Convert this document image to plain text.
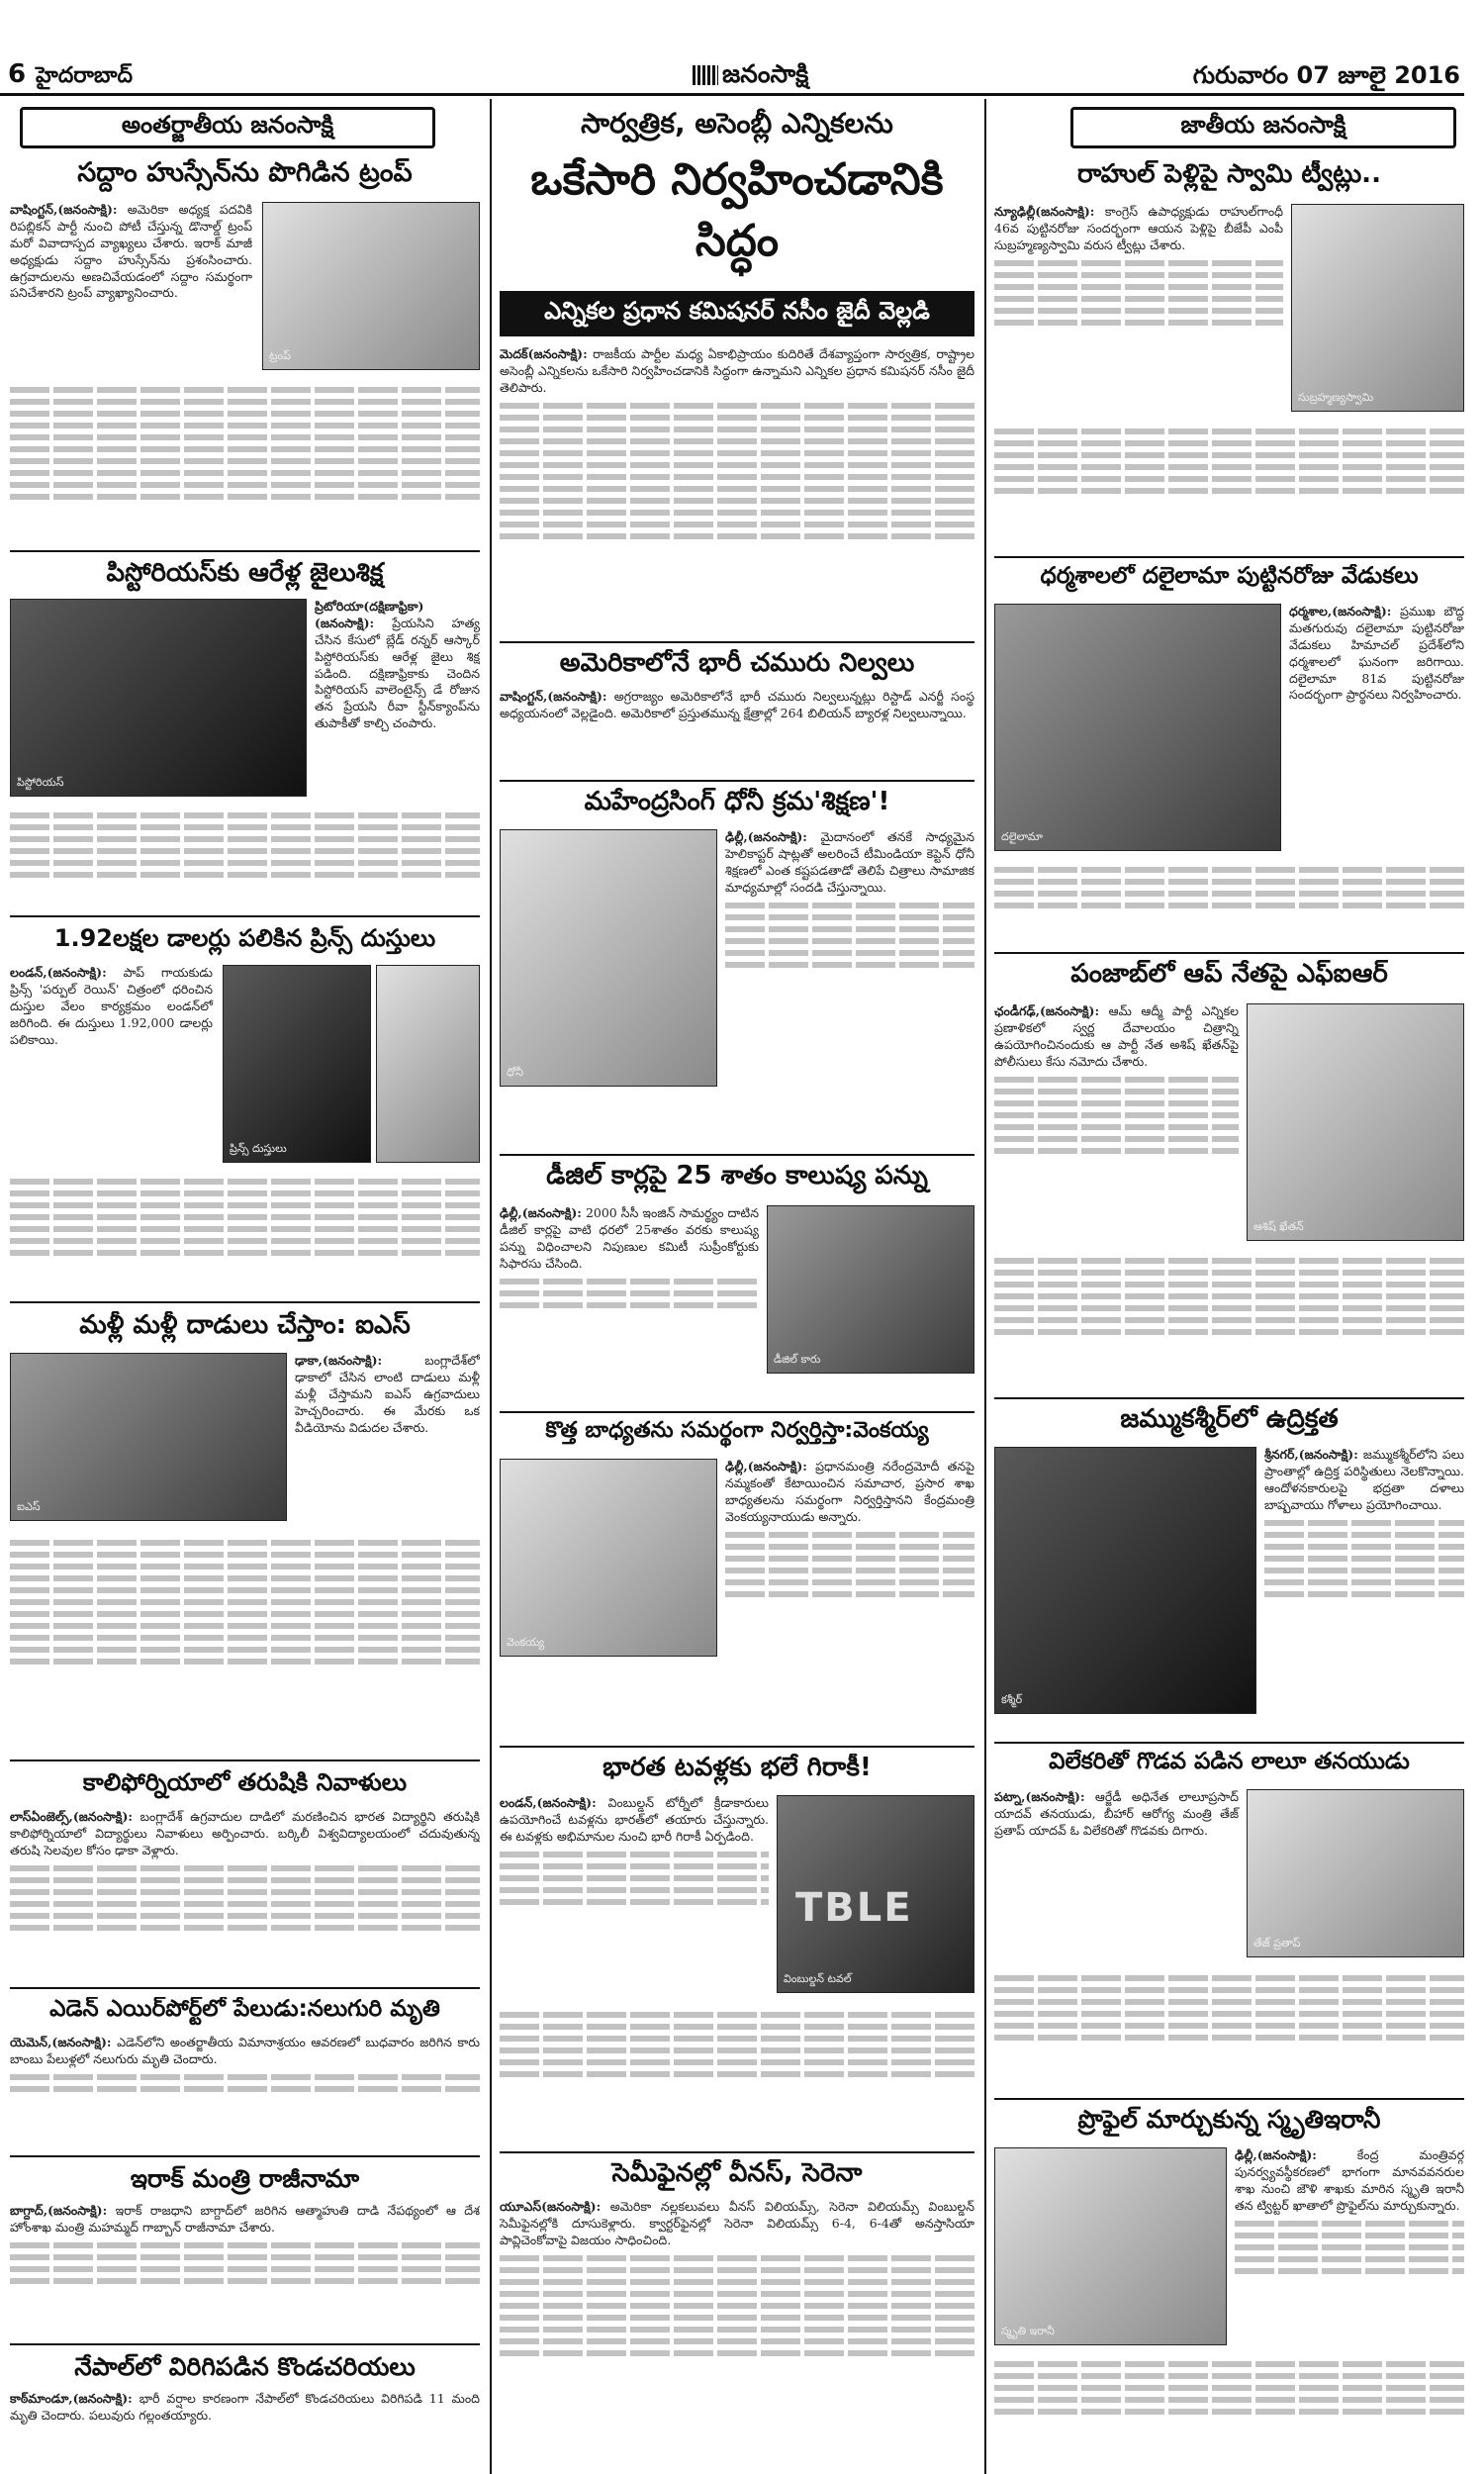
6 హైదరాబాద్	జనంసాక్షి	గురువారం 07 జూలై 2016
అంతర్జాతీయ జనంసాక్షి	జాతీయ జనంసాక్షి
సద్దాం హుస్సేన్‌ను పొగిడిన ట్రంప్
ట్రంప్‌
వాషింగ్టన్‌,(జనంసాక్షి): అమెరికా అధ్యక్ష పదవికి రిపబ్లికన్‌ పార్టీ నుంచి పోటీ చేస్తున్న డొనాల్డ్‌ ట్రంప్‌ మరో వివాదాస్పద వ్యాఖ్యలు చేశారు. ఇరాక్‌ మాజీ అధ్యక్షుడు సద్దాం హుస్సేన్‌ను ప్రశంసించారు. ఉగ్రవాదులను అణచివేయడంలో సద్దాం సమర్థంగా పనిచేశారని ట్రంప్‌ వ్యాఖ్యానించారు.
పిస్టోరియస్‌కు ఆరేళ్ల జైలుశిక్ష
పిస్టోరియస్‌
ప్రిటోరియా(దక్షిణాఫ్రికా) (జనంసాక్షి): ప్రేయసిని హత్య చేసిన కేసులో బ్లేడ్‌ రన్నర్‌ ఆస్కార్‌ పిస్టోరియస్‌కు ఆరేళ్ల జైలు శిక్ష పడింది. దక్షిణాఫ్రికాకు చెందిన పిస్టోరియస్‌ వాలెంటైన్స్‌ డే రోజున తన ప్రేయసి రీవా స్టీన్‌క్యాంప్‌ను తుపాకీతో కాల్చి చంపారు.
1.92లక్షల డాలర్లు పలికిన ప్రిన్స్‌ దుస్తులు
ప్రిన్స్‌ దుస్తులు
లండన్‌,(జనంసాక్షి): పాప్‌ గాయకుడు ప్రిన్స్‌ 'పర్పుల్‌ రెయిన్‌' చిత్రంలో ధరించిన దుస్తుల వేలం కార్యక్రమం లండన్‌లో జరిగింది. ఈ దుస్తులు 1.92,000 డాలర్లు పలికాయి.
మళ్లీ మళ్లీ దాడులు చేస్తాం: ఐఎస్‌
ఐఎస్‌
ఢాకా,(జనంసాక్షి):	బంగ్లాదేశ్‌లో ఢాకాలో చేసిన లాంటి దాడులు మళ్లీ మళ్లీ చేస్తామని ఐఎస్‌ ఉగ్రవాదులు హెచ్చరించారు. ఈ మేరకు ఒక వీడియోను విడుదల చేశారు.
కాలిఫోర్నియాలో తరుషికి నివాళులు
లాస్‌ఏంజెల్స్‌,(జనంసాక్షి): బంగ్లాదేశ్‌ ఉగ్రవాదుల దాడిలో మరణించిన భారత విద్యార్థిని తరుషికి కాలిఫోర్నియాలో విద్యార్థులు నివాళులు అర్పించారు. బర్కిలీ విశ్వవిద్యాలయంలో చదువుతున్న తరుషి సెలవుల కోసం ఢాకా వెళ్లారు.
ఎడెన్‌ ఎయిర్‌పోర్ట్‌లో పేలుడు:నలుగురి మృతి
యెమెన్‌,(జనంసాక్షి): ఎడెన్‌లోని అంతర్జాతీయ విమానాశ్రయం ఆవరణలో బుధవారం జరిగిన కారు బాంబు పేలుళ్లలో నలుగురు మృతి చెందారు.
ఇరాక్‌ మంత్రి రాజీనామా
బాగ్దాద్‌,(జనంసాక్షి): ఇరాక్‌ రాజధాని బాగ్దాద్‌లో జరిగిన ఆత్మాహుతి దాడి నేపథ్యంలో ఆ దేశ హోంశాఖ మంత్రి మహమ్మద్‌ గాబ్బాన్‌ రాజీనామా చేశారు.
నేపాల్‌లో విరిగిపడిన కొండచరియలు
కాఠ్‌మాండూ,(జనంసాక్షి): భారీ వర్షాల కారణంగా నేపాల్‌లో కొండచరియలు విరిగిపడి 11 మంది మృతి చెందారు. పలువురు గల్లంతయ్యారు.
సార్వత్రిక, అసెంబ్లీ ఎన్నికలను
ఒకేసారి నిర్వహించడానికి సిద్ధం
ఎన్నికల ప్రధాన కమిషనర్‌ నసీం జైదీ వెల్లడి
మెదక్‌(జనంసాక్షి): రాజకీయ పార్టీల మధ్య ఏకాభిప్రాయం కుదిరితే దేశవ్యాప్తంగా సార్వత్రిక, రాష్ట్రాల అసెంబ్లీ ఎన్నికలను ఒకేసారి నిర్వహించడానికి సిద్ధంగా ఉన్నామని ఎన్నికల ప్రధాన కమిషనర్‌ నసీం జైదీ తెలిపారు.
అమెరికాలోనే భారీ చమురు నిల్వలు
వాషింగ్టన్‌,(జనంసాక్షి): అగ్రరాజ్యం అమెరికాలోనే భారీ చమురు నిల్వలున్నట్లు రిస్టాడ్‌ ఎనర్జీ సంస్థ అధ్యయనంలో వెల్లడైంది. అమెరికాలో ప్రస్తుతమున్న క్షేత్రాల్లో 264 బిలియన్‌ బ్యారళ్ల నిల్వలున్నాయి.
మహేంద్రసింగ్‌ ధోనీ క్రమ'శిక్షణ'!
ధోనీ
ఢిల్లీ,(జనంసాక్షి): మైదానంలో తనకే సాధ్యమైన హెలికాప్టర్‌ షాట్లతో అలరించే టీమిండియా కెప్టెన్‌ ధోనీ శిక్షణలో ఎంత కష్టపడతాడో తెలిపే చిత్రాలు సామాజిక మాధ్యమాల్లో సందడి చేస్తున్నాయి.
డీజిల్‌ కార్లపై 25 శాతం కాలుష్య పన్ను
డీజిల్‌ కారు
ఢిల్లీ,(జనంసాక్షి): 2000 సీసీ ఇంజిన్‌ సామర్థ్యం దాటిన డీజిల్‌ కార్లపై వాటి ధరలో 25శాతం వరకు కాలుష్య పన్ను విధించాలని నిపుణుల కమిటీ సుప్రీంకోర్టుకు సిఫారసు చేసింది.
కొత్త బాధ్యతను సమర్థంగా నిర్వర్తిస్తా:వెంకయ్య
వెంకయ్య
ఢిల్లీ,(జనంసాక్షి): ప్రధానమంత్రి నరేంద్రమోదీ తనపై నమ్మకంతో కేటాయించిన సమాచార, ప్రసార శాఖ బాధ్యతలను సమర్థంగా నిర్వర్తిస్తానని కేంద్రమంత్రి వెంకయ్యనాయుడు అన్నారు.
భారత టవళ్లకు భలే గిరాకీ!
TBLE
వింబుల్డన్‌ టవల్‌
లండన్‌,(జనంసాక్షి): వింబుల్డన్‌ టోర్నీలో క్రీడాకారులు ఉపయోగించే టవళ్లను భారత్‌లో తయారు చేస్తున్నారు. ఈ టవళ్లకు అభిమానుల నుంచి భారీ గిరాకీ ఏర్పడింది.
సెమీఫైనల్లో వీనస్‌, సెరెనా
యూఎస్‌(జనంసాక్షి): అమెరికా నల్లకలువలు వీనస్‌ విలియమ్స్‌, సెరెనా విలియమ్స్‌ వింబుల్డన్‌ సెమీఫైనల్లోకి దూసుకెళ్లారు. క్వార్టర్‌ఫైనల్లో సెరెనా విలియమ్స్‌ 6-4, 6-4తో అనస్తాసియా పావ్లిచెంకోవాపై విజయం సాధించింది.
రాహుల్‌ పెళ్లిపై స్వామి ట్వీట్లు..
సుబ్రహ్మణ్యస్వామి
న్యూఢిల్లీ(జనంసాక్షి): కాంగ్రెస్‌ ఉపాధ్యక్షుడు రాహుల్‌గాంధీ 46వ పుట్టినరోజు సందర్భంగా ఆయన పెళ్లిపై బీజేపీ ఎంపీ సుబ్రహ్మణ్యస్వామి వరుస ట్వీట్లు చేశారు.
ధర్మశాలలో దలైలామా పుట్టినరోజు వేడుకలు
దలైలామా
ధర్మశాల,(జనంసాక్షి): ప్రముఖ బౌద్ధ మతగురువు దలైలామా పుట్టినరోజు వేడుకలు హిమాచల్‌ ప్రదేశ్‌లోని ధర్మశాలలో ఘనంగా జరిగాయి. దలైలామా 81వ పుట్టినరోజు సందర్భంగా ప్రార్థనలు నిర్వహించారు.
పంజాబ్‌లో ఆప్‌ నేతపై ఎఫ్‌ఐఆర్‌
ఆశిష్‌ ఖేతన్‌
ఛండీగఢ్‌,(జనంసాక్షి): ఆమ్‌ ఆద్మీ పార్టీ ఎన్నికల ప్రణాళికలో స్వర్ణ దేవాలయం చిత్రాన్ని ఉపయోగించినందుకు ఆ పార్టీ నేత అశిష్‌ ఖేతన్‌పై పోలీసులు కేసు నమోదు చేశారు.
జమ్ముకశ్మీర్‌లో ఉద్రిక్తత
కశ్మీర్‌
శ్రీనగర్‌,(జనంసాక్షి): జమ్ముకశ్మీర్‌లోని పలు ప్రాంతాల్లో ఉద్రిక్త పరిస్థితులు నెలకొన్నాయి. ఆందోళనకారులపై భద్రతా దళాలు బాష్పవాయు గోళాలు ప్రయోగించాయి.
విలేకరితో గొడవ పడిన లాలూ తనయుడు
తేజ్‌ ప్రతాప్‌
పట్నా,(జనంసాక్షి): ఆర్జేడీ అధినేత లాలూప్రసాద్‌ యాదవ్‌ తనయుడు, బీహార్‌ ఆరోగ్య మంత్రి తేజ్‌ ప్రతాప్‌ యాదవ్‌ ఓ విలేకరితో గొడవకు దిగారు.
ప్రొఫైల్‌ మార్చుకున్న స్మృతిఇరానీ
స్మృతి ఇరానీ
ఢిల్లీ,(జనంసాక్షి):	కేంద్ర మంత్రివర్గ పునర్వ్యవస్థీకరణలో భాగంగా మానవవనరుల శాఖ నుంచి జౌళి శాఖకు మారిన స్మృతి ఇరానీ తన ట్విట్టర్‌ ఖాతాలో ప్రొఫైల్‌ను మార్చుకున్నారు.
